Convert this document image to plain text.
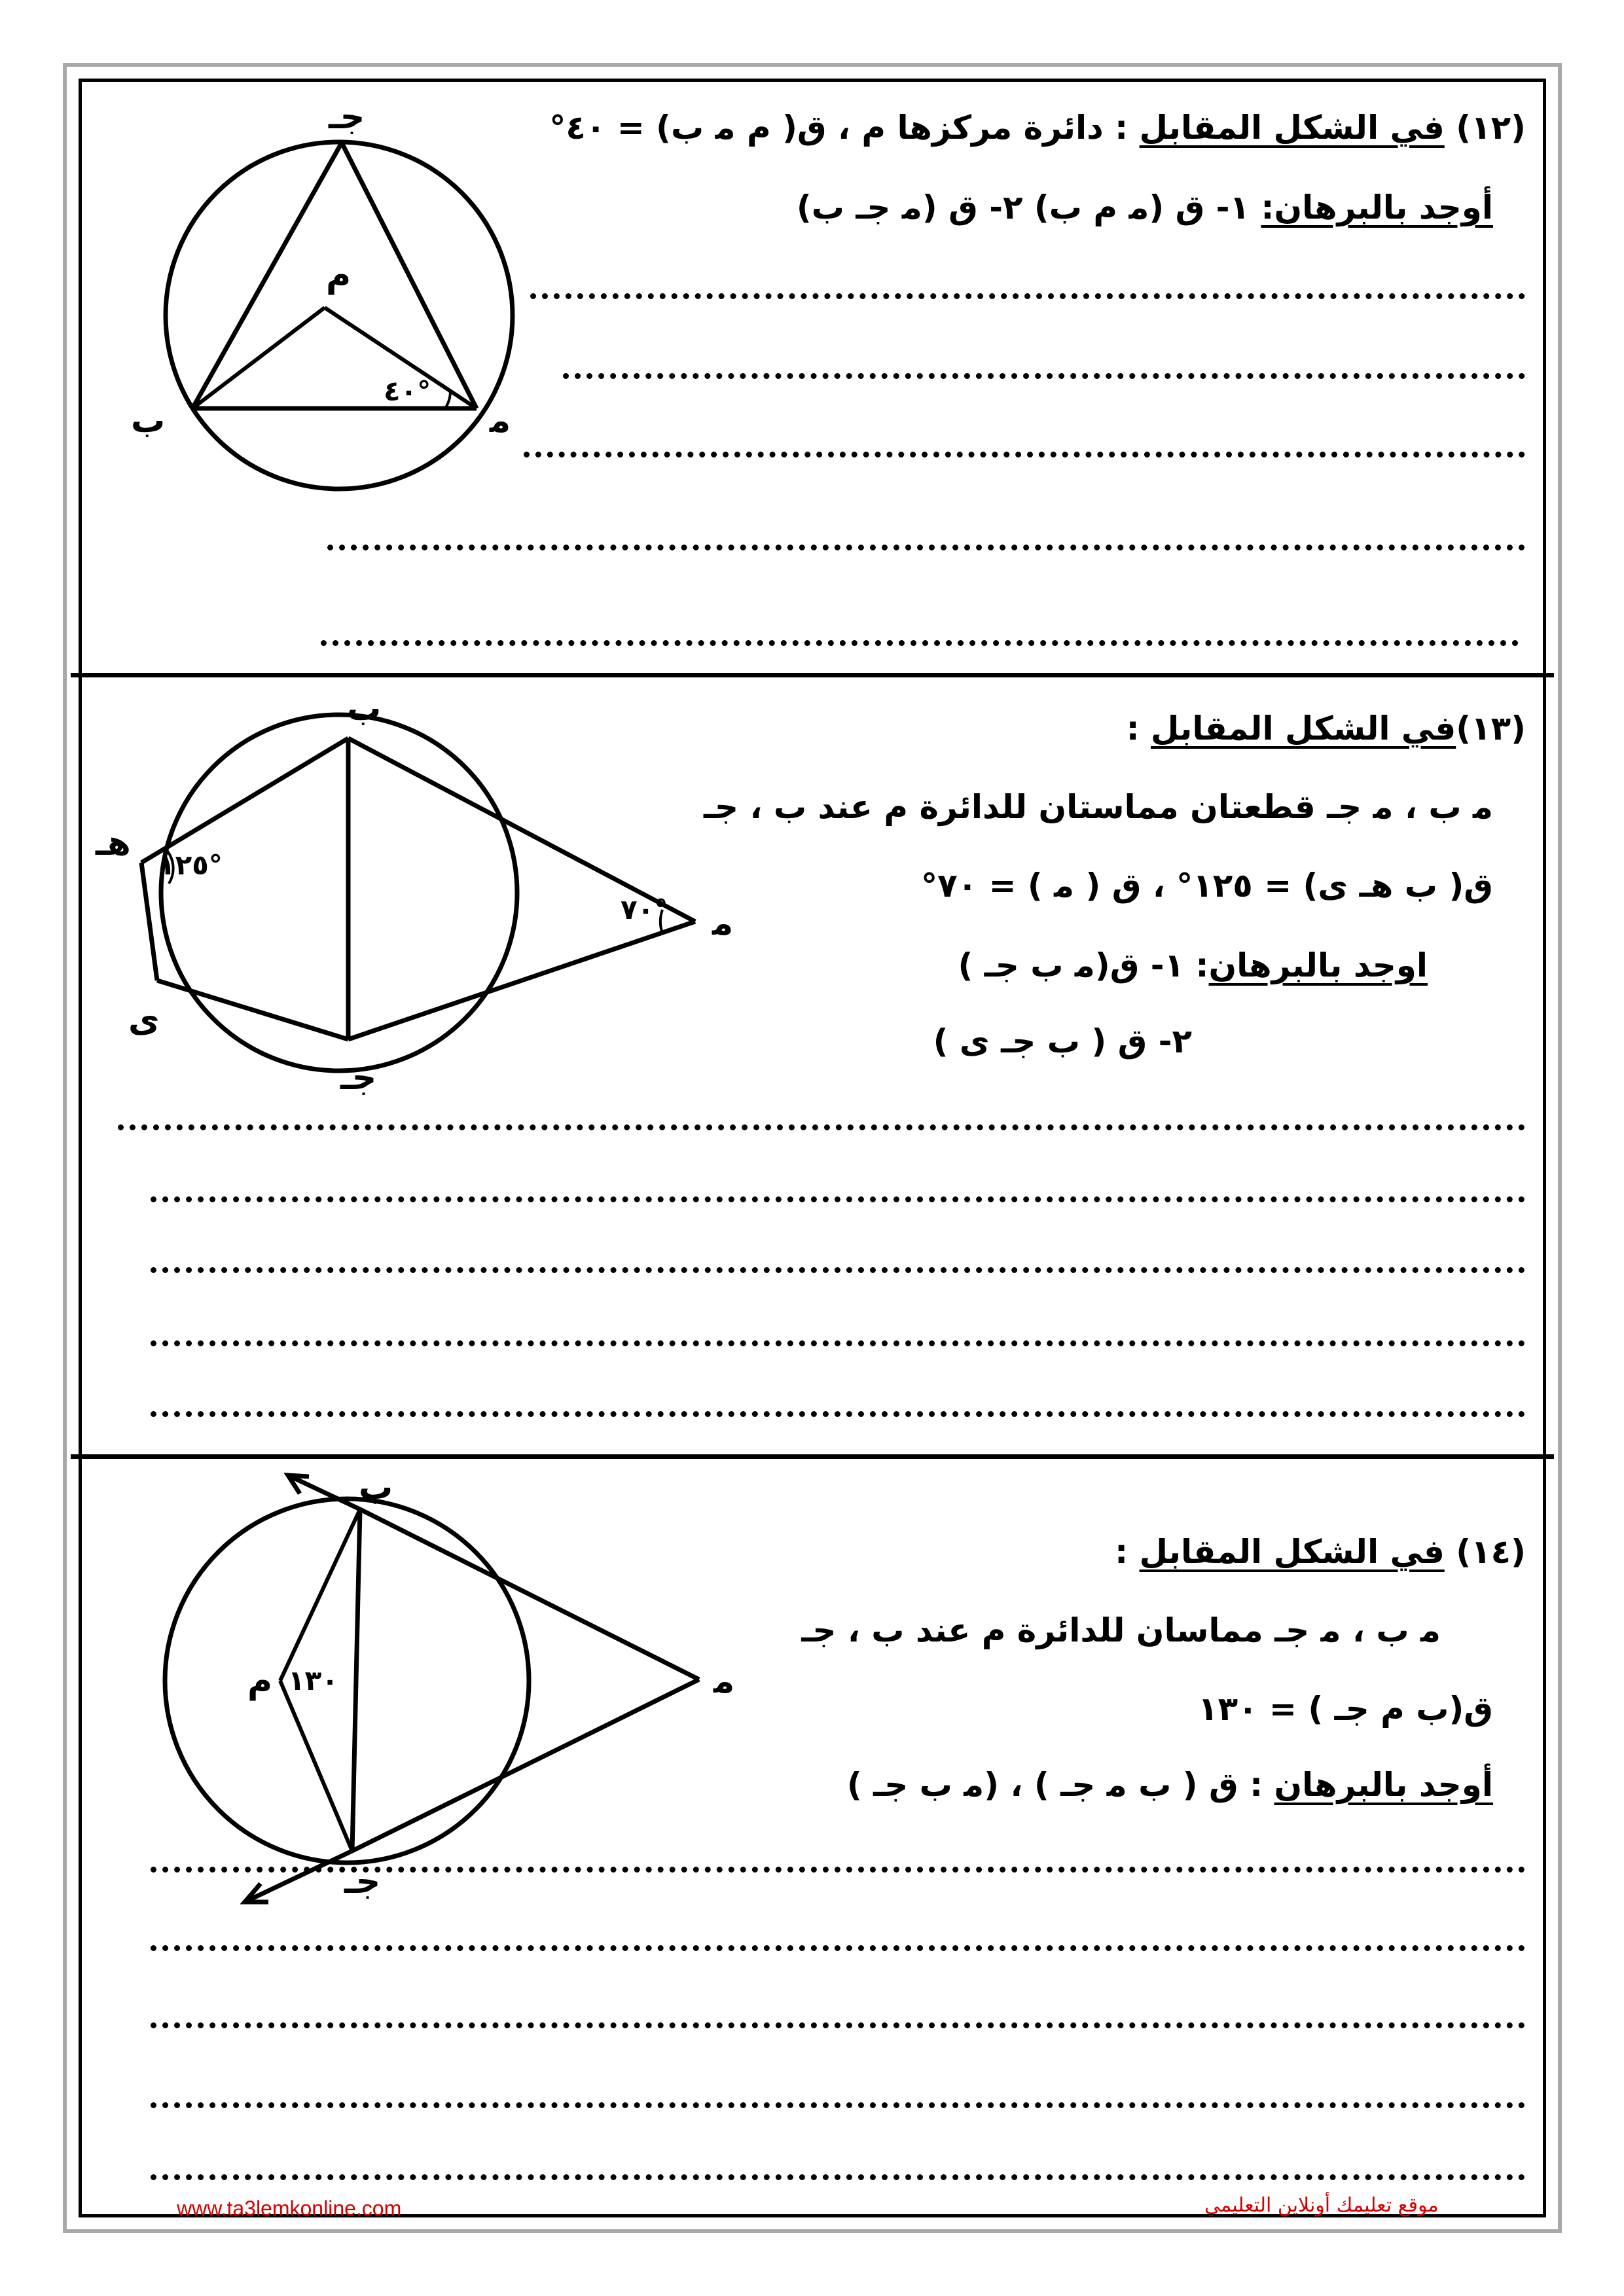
(١٢) في الشكل المقابل : دائرة مركزها م ، ق( م ﻣ ب) = ٤٠°
أوجد بالبرهان: ١- ق (ﻣ م ب) ٢- ق (ﻣ جـ ب)
جـ
م
ب	ﻣ
٤٠°
(١٣)في الشكل المقابل :
ﻣ ب ، ﻣ جـ قطعتان مماستان للدائرة م عند ب ، جـ
ق( ب هـ ى) = ١٢٥° ، ق ( ﻣ ) = ٧٠°
اوجد بالبرهان: ١- ق(ﻣ ب جـ )
٢- ق ( ب جـ ى )
ب
جـ
ﻣ
هـ
ى
١٢٥°
٧٠°
(١٤) في الشكل المقابل :
ﻣ ب ، ﻣ جـ مماسان للدائرة م عند ب ، جـ
ق(ب م جـ ) = ١٣٠
أوجد بالبرهان : ق ( ب ﻣ جـ ) ، (ﻣ ب جـ )
ب
جـ
ﻣ
م ١٣٠
www.ta3lemkonline.com	موقع تعليمك أونلاين التعليمي
